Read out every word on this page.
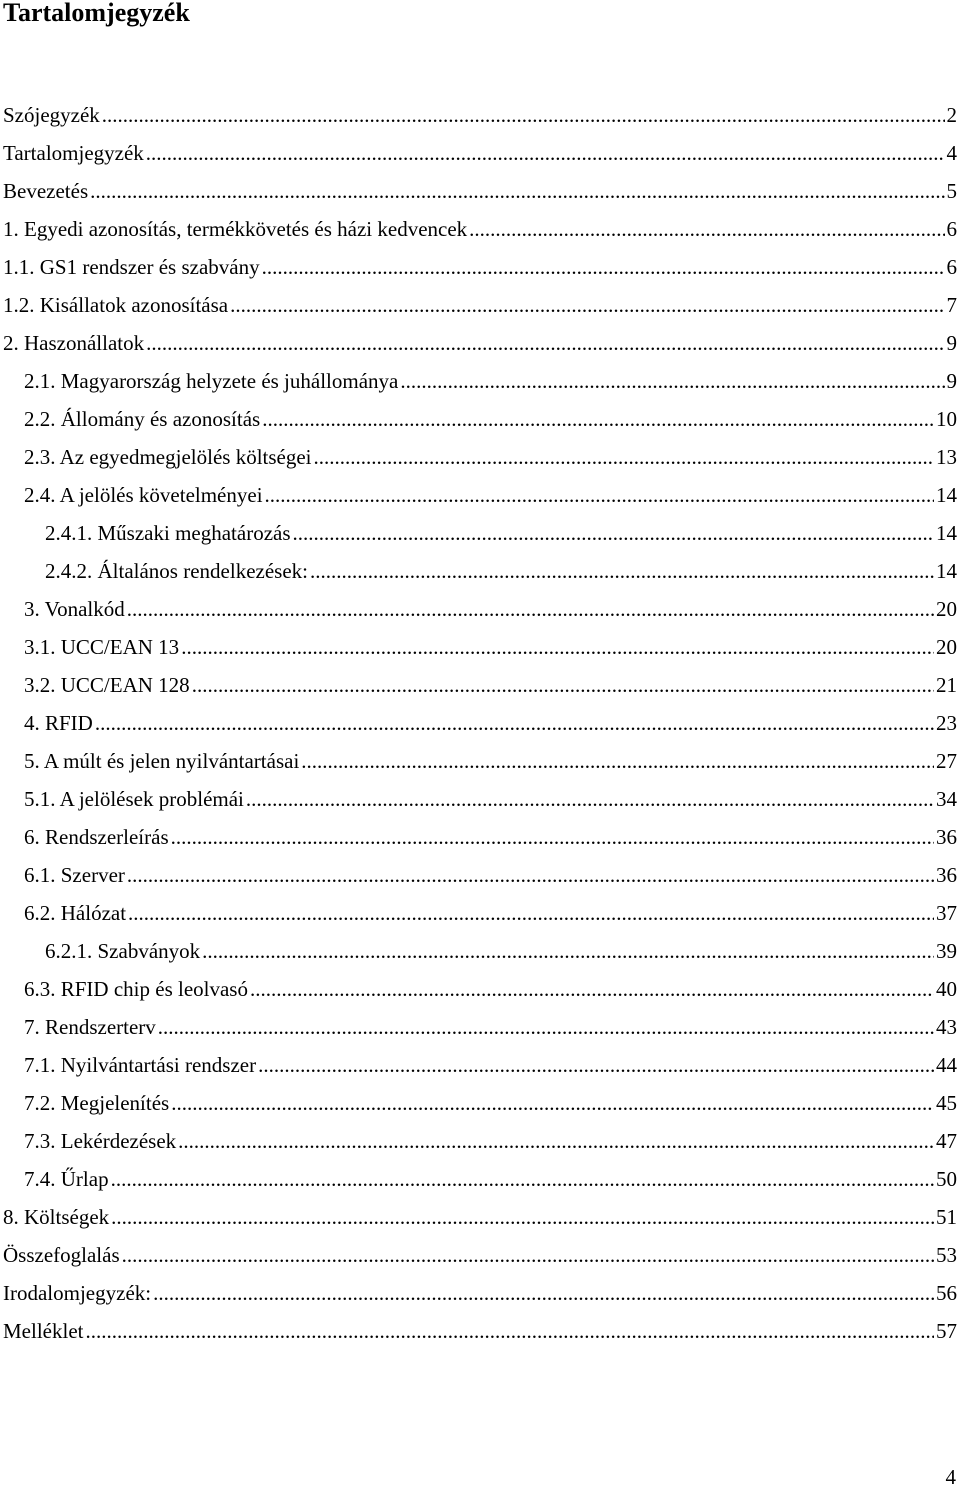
Tartalomjegyzék
Szójegyzék .....	2
Tartalomjegyzék .....	4
Bevezetés .....	5
1. Egyedi azonosítás, termékkövetés és házi kedvencek .....	6
1.1. GS1 rendszer és szabvány .....	6
1.2. Kisállatok azonosítása .....	7
2. Haszonállatok .....	9
2.1. Magyarország helyzete és juhállománya .....	9
2.2. Állomány és azonosítás .....	10
2.3. Az egyedmegjelölés költségei .....	13
2.4. A jelölés követelményei .....	14
2.4.1. Műszaki meghatározás .....	14
2.4.2. Általános rendelkezések: .....	14
3. Vonalkód .....	20
3.1. UCC/EAN 13 .....	20
3.2. UCC/EAN 128 .....	21
4. RFID .....	23
5. A múlt és jelen nyilvántartásai .....	27
5.1. A jelölések problémái .....	34
6. Rendszerleírás .....	36
6.1. Szerver .....	36
6.2. Hálózat .....	37
6.2.1. Szabványok .....	39
6.3. RFID chip és leolvasó .....	40
7. Rendszerterv .....	43
7.1. Nyilvántartási rendszer .....	44
7.2. Megjelenítés .....	45
7.3. Lekérdezések .....	47
7.4. Űrlap .....	50
8. Költségek .....	51
Összefoglalás .....	53
Irodalomjegyzék: .....	56
Melléklet .....	57
4
